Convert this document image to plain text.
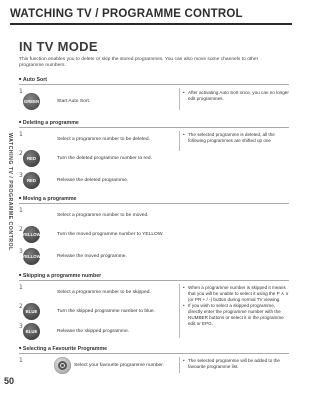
WATCHING TV / PROGRAMME CONTROL
WATCHING TV / PROGRAMME CONTROL
50
IN TV MODE
This function enables you to delete or skip the stored programmes. You can also move some channels to other programme numbers.
■ Auto Sort
1
GREEN	Start Auto Sort.
• After activating Auto Sort once, you can no longer edit programmes.
■ Deleting a programme
1
Select a programme number to be deleted.
2
RED	Turn the deleted programme number to red.
3
RED	Release the deleted programme.
• The selected programme is deleted, all the following programmes are shifted up one
■ Moving a programme
1
Select a programme number to be moved.
2
YELLOW	Turn the moved programme number to YELLOW.
3
YELLOW	Release the moved programme.
■ Skipping a programme number
1
Select a programme number to be skipped.
2
BLUE	Turn the skipped programme number to blue.
3
BLUE	Release the skipped programme.
• When a programme number is skipped it means that you will be unable to select it using the P ∧ ∨ (or PR + / -) button during normal TV viewing.
• If you wish to select a skipped programme, directly enter the programme number with the NUMBER buttons or select it in the programme edit or EPG.
■ Selecting a Favourite Programme
1
Select your favourite programme number.
• The selected programme will be added to the favourite programme list.
